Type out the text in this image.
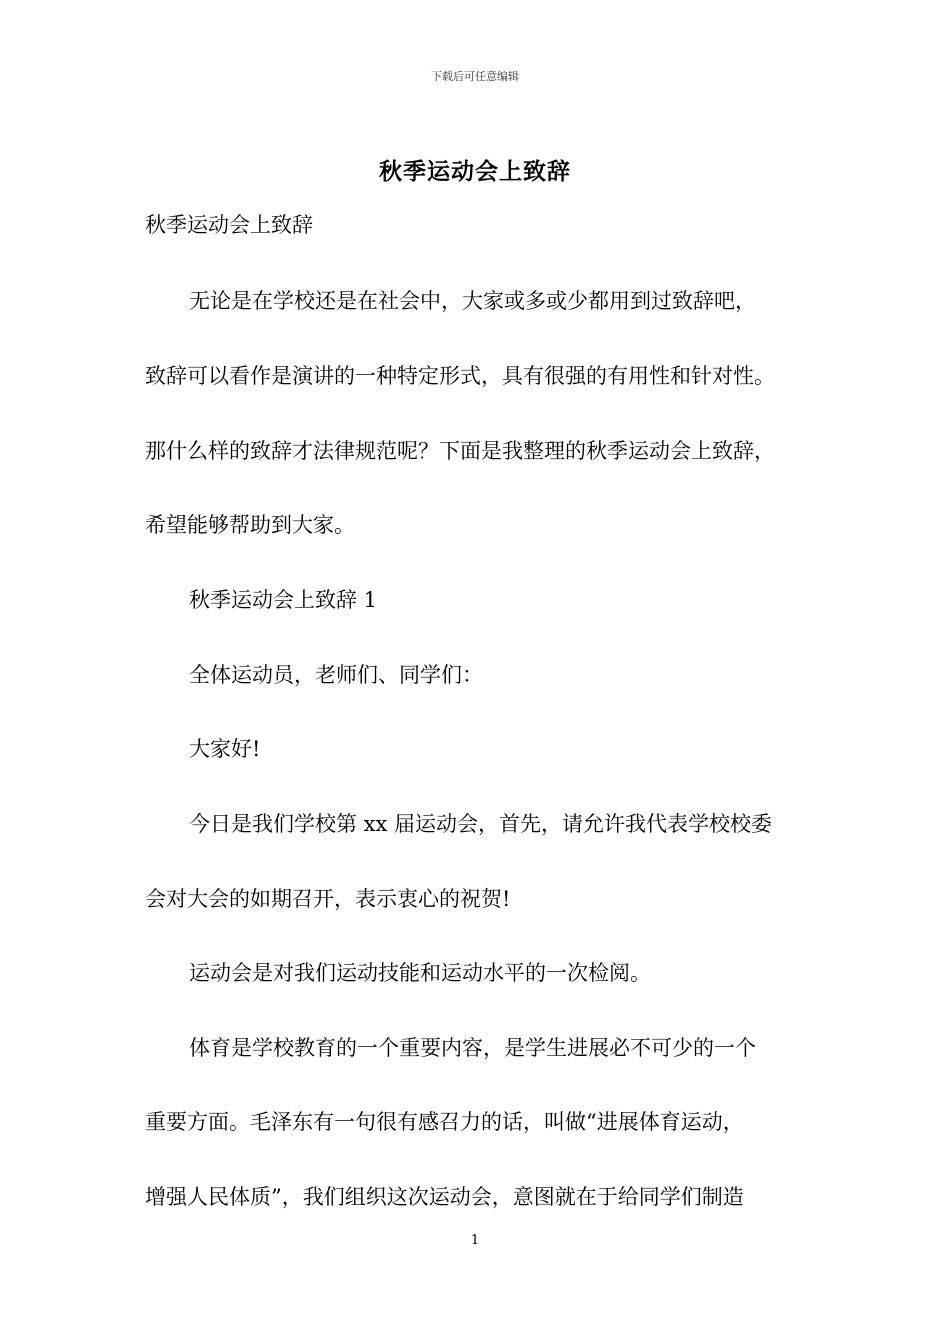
下载后可任意编辑
秋季运动会上致辞
秋季运动会上致辞
无论是在学校还是在社会中，大家或多或少都用到过致辞吧，
致辞可以看作是演讲的一种特定形式，具有很强的有用性和针对性。
那什么样的致辞才法律规范呢？下面是我整理的秋季运动会上致辞，
希望能够帮助到大家。
秋季运动会上致辞 1
全体运动员，老师们、同学们：
大家好!
今日是我们学校第 xx 届运动会，首先，请允许我代表学校校委
会对大会的如期召开，表示衷心的祝贺!
运动会是对我们运动技能和运动水平的一次检阅。
体育是学校教育的一个重要内容，是学生进展必不可少的一个
重要方面。毛泽东有一句很有感召力的话，叫做“进展体育运动，
增强人民体质”，我们组织这次运动会，意图就在于给同学们制造
1
